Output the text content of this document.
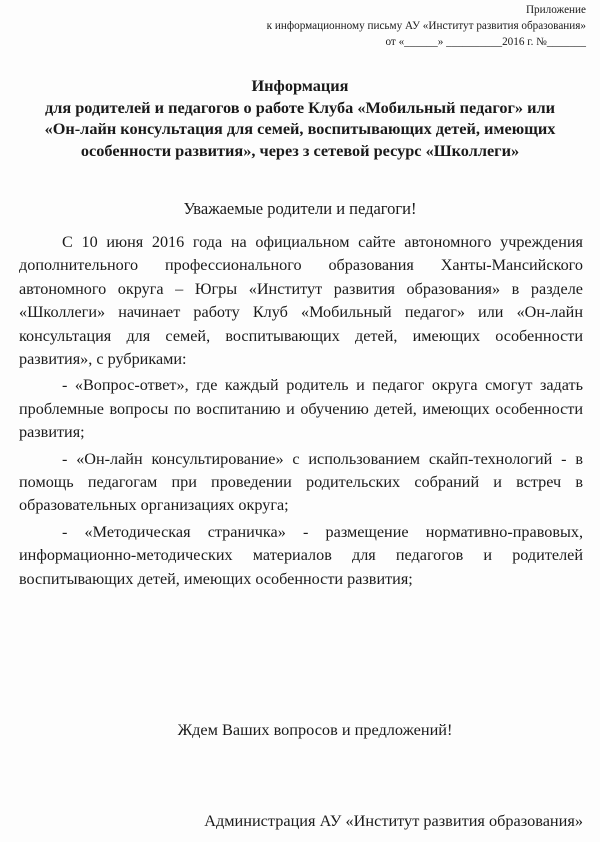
Приложение
к информационному письму АУ «Институт развития образования»
от «______» __________2016 г. №_______
Информация
для родителей и педагогов о работе Клуба «Мобильный педагог» или
«Он-лайн консультация для семей, воспитывающих детей, имеющих
особенности развития», через з сетевой ресурс «Школлеги»
Уважаемые родители и педагоги!

С 10 июня 2016 года на официальном сайте автономного учреждения дополнительного профессионального образования Ханты-Мансийского автономного округа – Югры «Институт развития образования» в разделе «Школлеги» начинает работу Клуб «Мобильный педагог» или «Он-лайн консультация для семей, воспитывающих детей, имеющих особенности развития», с рубриками:

- «Вопрос-ответ», где каждый родитель и педагог округа смогут задать проблемные вопросы по воспитанию и обучению детей, имеющих особенности развития;

- «Он-лайн консультирование» с использованием скайп-технологий - в помощь педагогам при проведении родительских собраний и встреч в образовательных организациях округа;

- «Методическая страничка» - размещение нормативно-правовых, информационно-методических материалов для педагогов и родителей воспитывающих детей, имеющих особенности развития;

Ждем Ваших вопросов и предложений!
Администрация АУ «Институт развития образования»
